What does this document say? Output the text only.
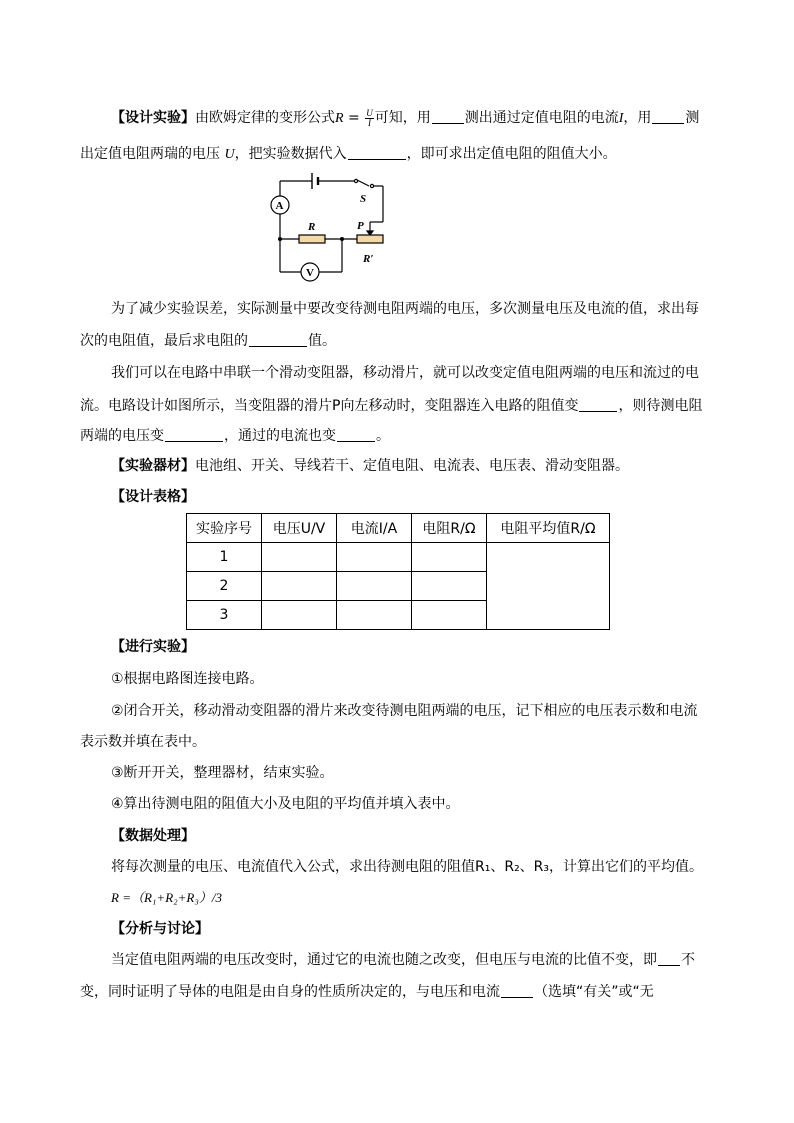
【设计实验】由欧姆定律的变形公式$R = \frac{U}{I}$ 可知，用 测出通过定值电阻的电流I，用 测
出定值电阻两瑞的电压 U，把实验数据代入	，即可求出定值电阻的阻值大小。
A
V
S
R	P
R′
为了减少实验误差，实际测量中要改变待测电阻两端的电压，多次测量电压及电流的值，求出每
次的电阻值，最后求电阻的	值。
我们可以在电路中串联一个滑动变阻器，移动滑片，就可以改变定值电阻两端的电压和流过的电
流。电路设计如图所示，当变阻器的滑片P向左移动时，变阻器连入电路的阻值变	，则待测电阻
两端的电压变	，通过的电流也变	。
【实验器材】电池组、开关、导线若干、定值电阻、电流表、电压表、滑动变阻器。
【设计表格】
实验序号	电压U/V	电流I/A	电阻R/Ω	电阻平均值R/Ω
1				
2				
3				
【进行实验】
①根据电路图连接电路。
②闭合开关，移动滑动变阻器的滑片来改变待测电阻两端的电压，记下相应的电压表示数和电流
表示数并填在表中。
③断开开关，整理器材，结束实验。
④算出待测电阻的阻值大小及电阻的平均值并填入表中。
【数据处理】
将每次测量的电压、电流值代入公式，求出待测电阻的阻值R₁、R₂、R₃，计算出它们的平均值。
R =（R₁+R₂+R₃）/3
【分析与讨论】
当定值电阻两端的电压改变时，通过它的电流也随之改变，但电压与电流的比值不变，即 不
变，同时证明了导体的电阻是由自身的性质所决定的，与电压和电流 （选填“有关”或“无
